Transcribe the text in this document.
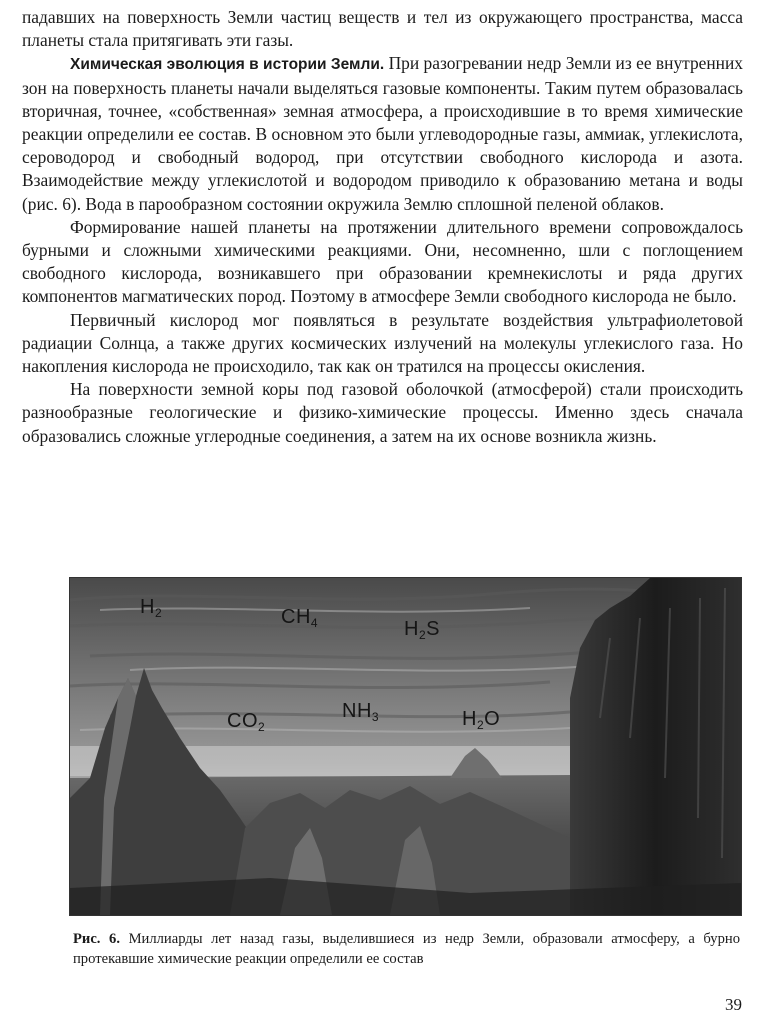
падавших на поверхность Земли частиц веществ и тел из окружающего пространства, масса планеты стала притягивать эти газы.

Химическая эволюция в истории Земли. При разогревании недр Земли из ее внутренних зон на поверхность планеты начали выделяться газовые компоненты. Таким путем образовалась вторичная, точнее, «собственная» земная атмосфера, а происходившие в то время химические реакции определили ее состав. В основном это были углеводородные газы, аммиак, углекислота, сероводород и свободный водород, при отсутствии свободного кислорода и азота. Взаимодействие между углекислотой и водородом приводило к образованию метана и воды (рис. 6). Вода в парообразном состоянии окружила Землю сплошной пеленой облаков.

Формирование нашей планеты на протяжении длительного времени сопровождалось бурными и сложными химическими реакциями. Они, несомненно, шли с поглощением свободного кислорода, возникавшего при образовании кремнекислоты и ряда других компонентов магматических пород. Поэтому в атмосфере Земли свободного кислорода не было.

Первичный кислород мог появляться в результате воздействия ультрафиолетовой радиации Солнца, а также других космических излучений на молекулы углекислого газа. Но накопления кислорода не происходило, так как он тратился на процессы окисления.

На поверхности земной коры под газовой оболочкой (атмосферой) стали происходить разнообразные геологические и физико-химические процессы. Именно здесь сначала образовались сложные углеродные соединения, а затем на их основе возникла жизнь.

$H_2$	$CH_4$	$H_2S$
$CO_2$
$NH_3$	$H_2O$
Рис. 6. Миллиарды лет назад газы, выделившиеся из недр Земли, образовали атмосферу, а бурно протекавшие химические реакции определили ее состав
39
